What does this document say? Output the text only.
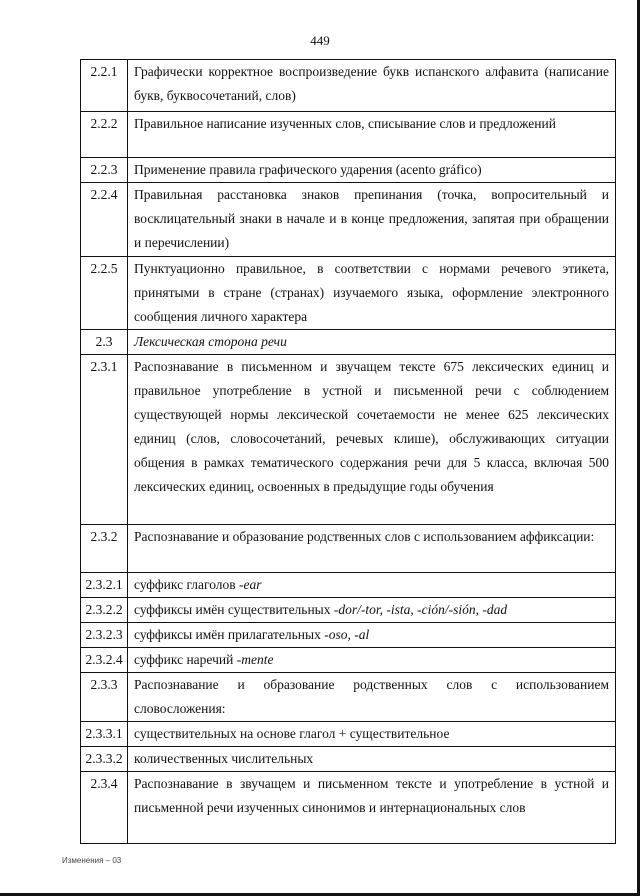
449
2.2.1	Графически корректное воспроизведение букв испанского алфавита (написание букв, буквосочетаний, слов)
2.2.2	Правильное написание изученных слов, списывание слов и предложений
2.2.3	Применение правила графического ударения (acento gráfico)
2.2.4	Правильная расстановка знаков препинания (точка, вопросительный и восклицательный знаки в начале и в конце предложения, запятая при обращении и перечислении)
2.2.5	Пунктуационно правильное, в соответствии с нормами речевого этикета, принятыми в стране (странах) изучаемого языка, оформление электронного сообщения личного характера
2.3	Лексическая сторона речи
2.3.1	Распознавание в письменном и звучащем тексте 675 лексических единиц и правильное употребление в устной и письменной речи с соблюдением существующей нормы лексической сочетаемости не менее 625 лексических единиц (слов, словосочетаний, речевых клише), обслуживающих ситуации общения в рамках тематического содержания речи для 5 класса, включая 500 лексических единиц, освоенных в предыдущие годы обучения
2.3.2	Распознавание и образование родственных слов с использованием аффиксации:
2.3.2.1	суффикс глаголов -ear
2.3.2.2	суффиксы имён существительных -dor/-tor, -ista, -ción/-sión, -dad
2.3.2.3	суффиксы имён прилагательных -oso, -al
2.3.2.4	суффикс наречий -mente
2.3.3	Распознавание и образование родственных слов с использованием словосложения:
2.3.3.1	существительных на основе глагол + существительное
2.3.3.2	количественных числительных
2.3.4	Распознавание в звучащем и письменном тексте и употребление в устной и письменной речи изученных синонимов и интернациональных слов
Изменения – 03
